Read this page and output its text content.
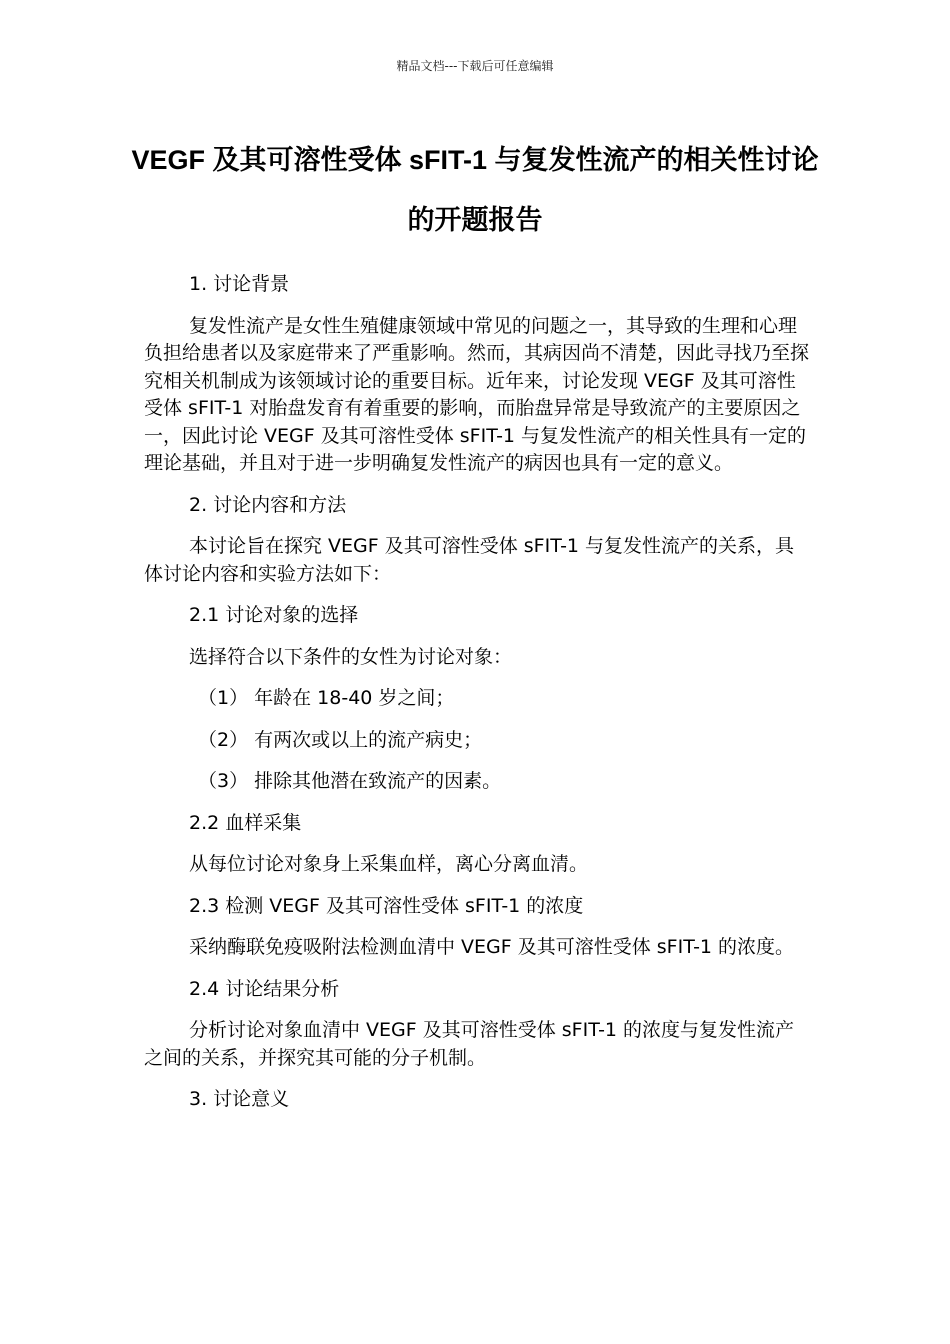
精品文档---下载后可任意编辑
VEGF 及其可溶性受体 sFIT-1 与复发性流产的相关性讨论的开题报告

1. 讨论背景

复发性流产是女性生殖健康领域中常见的问题之一，其导致的生理和心理负担给患者以及家庭带来了严重影响。然而，其病因尚不清楚，因此寻找乃至探究相关机制成为该领域讨论的重要目标。近年来，讨论发现 VEGF 及其可溶性受体 sFIT-1 对胎盘发育有着重要的影响，而胎盘异常是导致流产的主要原因之一，因此讨论 VEGF 及其可溶性受体 sFIT-1 与复发性流产的相关性具有一定的理论基础，并且对于进一步明确复发性流产的病因也具有一定的意义。

2. 讨论内容和方法

本讨论旨在探究 VEGF 及其可溶性受体 sFIT-1 与复发性流产的关系，具体讨论内容和实验方法如下：

2.1 讨论对象的选择

选择符合以下条件的女性为讨论对象：

（1） 年龄在 18-40 岁之间；

（2） 有两次或以上的流产病史；

（3） 排除其他潜在致流产的因素。

2.2 血样采集

从每位讨论对象身上采集血样，离心分离血清。

2.3 检测 VEGF 及其可溶性受体 sFIT-1 的浓度

采纳酶联免疫吸附法检测血清中 VEGF 及其可溶性受体 sFIT-1 的浓度。

2.4 讨论结果分析

分析讨论对象血清中 VEGF 及其可溶性受体 sFIT-1 的浓度与复发性流产之间的关系，并探究其可能的分子机制。

3. 讨论意义
